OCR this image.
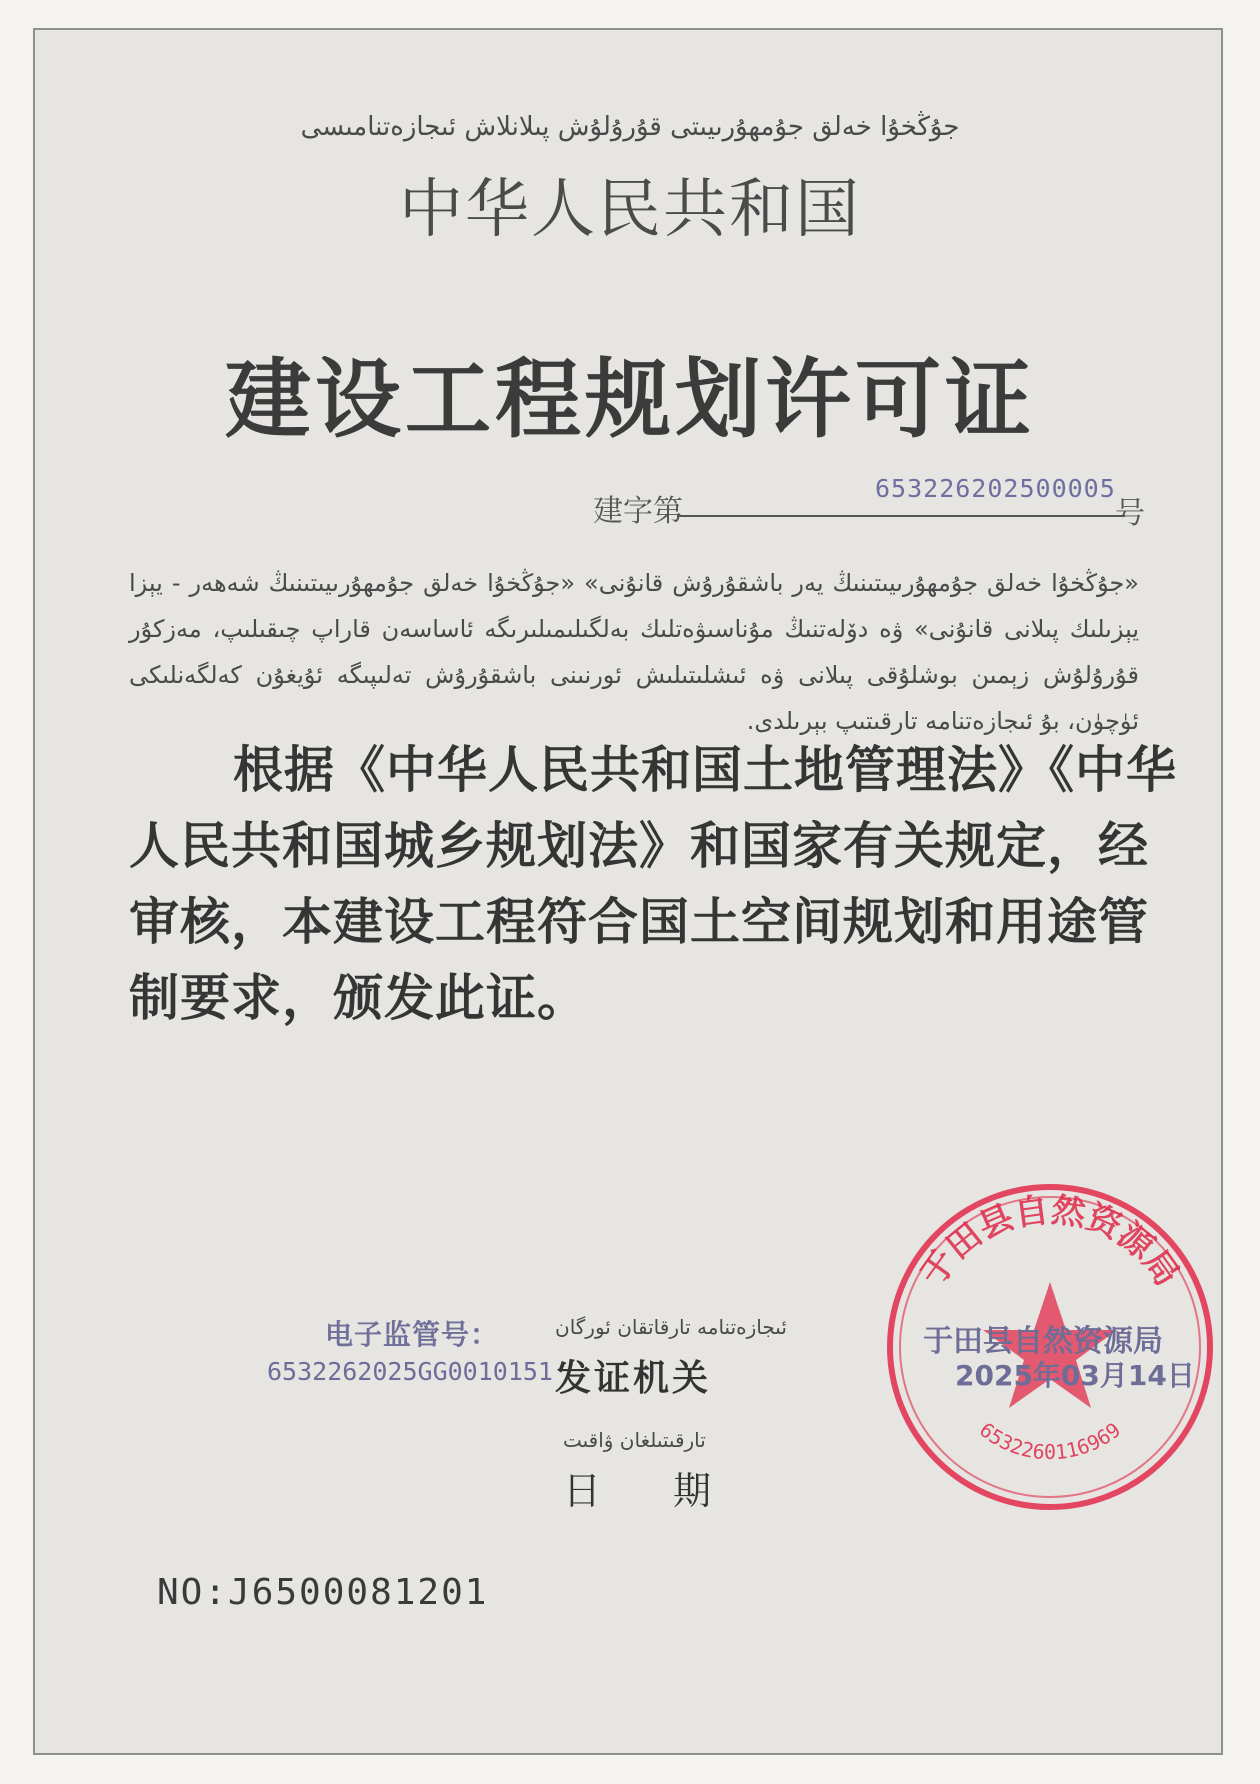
جۇڭخۇا خەلق جۇمھۇرىيىتى قۇرۇلۇش پىلانلاش ئىجازەتنامىسى
中华人民共和国
建设工程规划许可证
建字第
653226202500005
号
«جۇڭخۇا خەلق جۇمھۇرىيىتىنىڭ يەر باشقۇرۇش قانۇنى» «جۇڭخۇا خەلق جۇمھۇرىيىتىنىڭ شەھەر - يېزا يېزىلىك پىلانى قانۇنى» ۋە دۆلەتنىڭ مۇناسىۋەتلىك بەلگىلىمىلىرىگە ئاساسەن قاراپ چىقىلىپ، مەزكۇر قۇرۇلۇش زېمىن بوشلۇقى پىلانى ۋە ئىشلىتىلىش ئورنىنى باشقۇرۇش تەلىپىگە ئۇيغۇن كەلگەنلىكى ئۈچۈن، بۇ ئىجازەتنامە تارقىتىپ بېرىلدى.
根据《中华人民共和国土地管理法》《中华人民共和国城乡规划法》和国家有关规定，经审核，本建设工程符合国土空间规划和用途管制要求，颁发此证。
电子监管号：
6532262025GG0010151
ئىجازەتنامە تارقاتقان ئورگان
发证机关
تارقىتىلغان ۋاقىت
日期
于田县自然资源局
6532260116969
于田县自然资源局
2025年03月14日
NO:J6500081201
